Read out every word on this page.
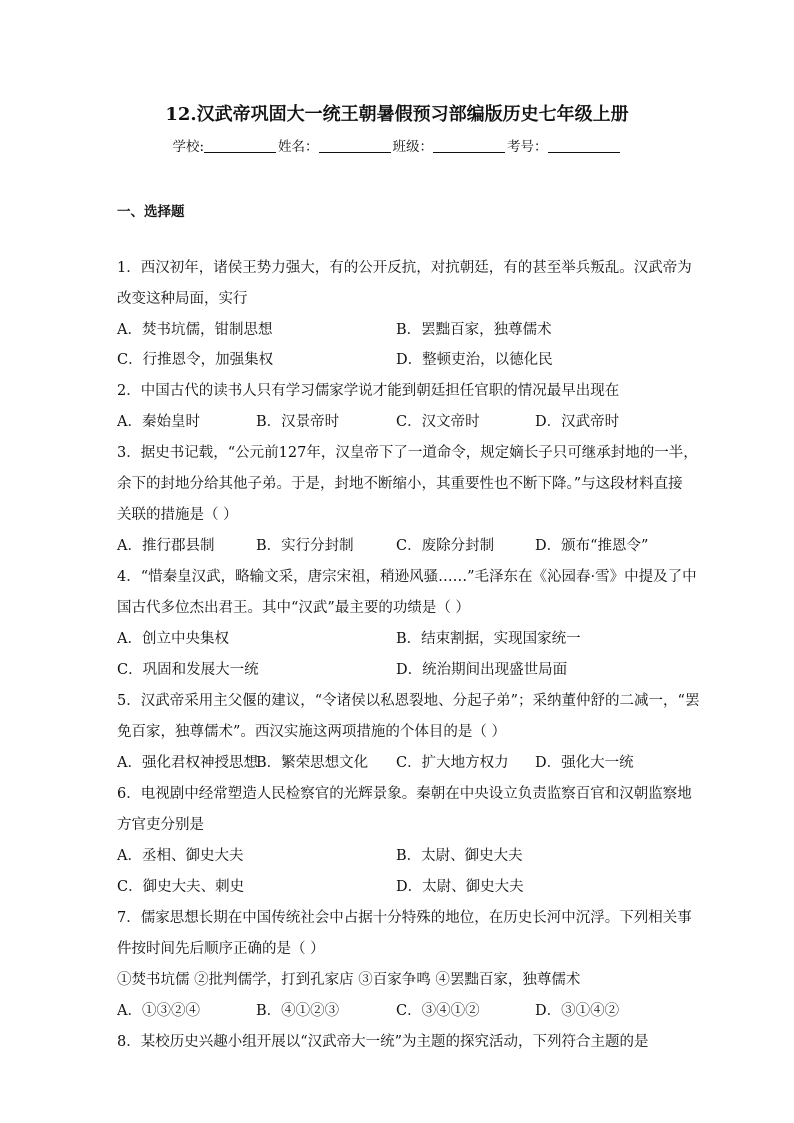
12.汉武帝巩固大一统王朝暑假预习部编版历史七年级上册
学校:	姓名：	班级：	考号：
一、选择题
1．西汉初年，诸侯王势力强大，有的公开反抗，对抗朝廷，有的甚至举兵叛乱。汉武帝为
改变这种局面，实行
A．焚书坑儒，钳制思想	B．罢黜百家，独尊儒术
C．行推恩令，加强集权	D．整顿吏治，以德化民
2．中国古代的读书人只有学习儒家学说才能到朝廷担任官职的情况最早出现在
A．秦始皇时	B．汉景帝时	C．汉文帝时	D．汉武帝时
3．据史书记载，“公元前127年，汉皇帝下了一道命令，规定嫡长子只可继承封地的一半，
余下的封地分给其他子弟。于是，封地不断缩小，其重要性也不断下降。”与这段材料直接
关联的措施是（ ）
A．推行郡县制	B．实行分封制	C．废除分封制	D．颁布“推恩令”
4．“惜秦皇汉武，略输文采，唐宗宋祖，稍逊风骚……”毛泽东在《沁园春·雪》中提及了中
国古代多位杰出君王。其中“汉武”最主要的功绩是（ ）
A．创立中央集权	B．结束割据，实现国家统一
C．巩固和发展大一统	D．统治期间出现盛世局面
5．汉武帝采用主父偃的建议，“令诸侯以私恩裂地、分起子弟”；采纳董仲舒的二减一，“罢
免百家，独尊儒术”。西汉实施这两项措施的个体目的是（ ）
A．强化君权神授思想
B．繁荣思想文化 C．扩大地方权力 D．强化大一统
6．电视剧中经常塑造人民检察官的光辉景象。秦朝在中央设立负责监察百官和汉朝监察地
方官吏分别是
A．丞相、御史大夫	B．太尉、御史大夫
C．御史大夫、刺史	D．太尉、御史大夫
7．儒家思想长期在中国传统社会中占据十分特殊的地位，在历史长河中沉浮。下列相关事
件按时间先后顺序正确的是（ ）
①焚书坑儒 ②批判儒学，打到孔家店 ③百家争鸣 ④罢黜百家，独尊儒术
A．①③②④	B．④①②③	C．③④①②	D．③①④②
8．某校历史兴趣小组开展以“汉武帝大一统”为主题的探究活动，下列符合主题的是
